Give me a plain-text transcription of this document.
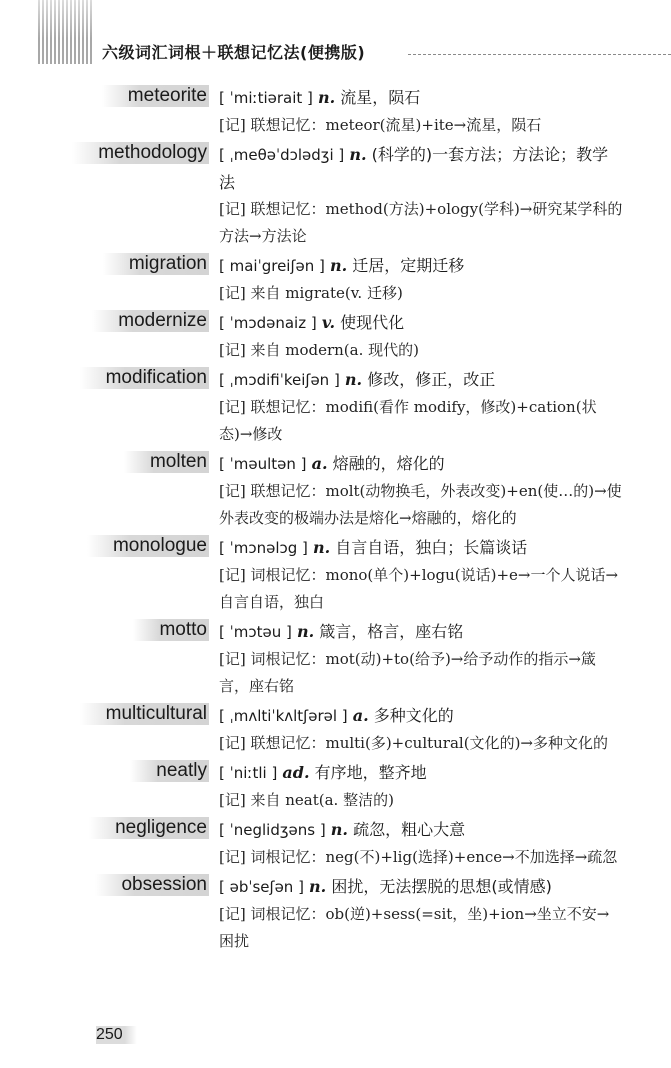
六级词汇词根＋联想记忆法(便携版)
meteorite [ ˈmiːtiərait ] n. 流星，陨石
[记] 联想记忆：meteor(流星)+ite→流星，陨石
methodology [ ˌmeθəˈdɔlədʒi ] n. (科学的)一套方法；方法论；教学法
[记] 联想记忆：method(方法)+ology(学科)→研究某学科的方法→方法论
migration [ maiˈgreiʃən ] n. 迁居，定期迁移
[记] 来自 migrate(v. 迁移)
modernize [ ˈmɔdənaiz ] v. 使现代化
[记] 来自 modern(a. 现代的)
modification [ ˌmɔdifiˈkeiʃən ] n. 修改，修正，改正
[记] 联想记忆：modifi(看作 modify，修改)+cation(状态)→修改
molten [ ˈməultən ] a. 熔融的，熔化的
[记] 联想记忆：molt(动物换毛，外表改变)+en(使…的)→使外表改变的极端办法是熔化→熔融的，熔化的
monologue [ ˈmɔnəlɔg ] n. 自言自语，独白；长篇谈话
[记] 词根记忆：mono(单个)+logu(说话)+e→一个人说话→自言自语，独白
motto [ ˈmɔtəu ] n. 箴言，格言，座右铭
[记] 词根记忆：mot(动)+to(给予)→给予动作的指示→箴言，座右铭
multicultural [ ˌmʌltiˈkʌltʃərəl ] a. 多种文化的
[记] 联想记忆：multi(多)+cultural(文化的)→多种文化的
neatly [ ˈniːtli ] ad. 有序地，整齐地
[记] 来自 neat(a. 整洁的)
negligence [ ˈneglidʒəns ] n. 疏忽，粗心大意
[记] 词根记忆：neg(不)+lig(选择)+ence→不加选择→疏忽
obsession [ əbˈseʃən ] n. 困扰，无法摆脱的思想(或情感)
[记] 词根记忆：ob(逆)+sess(=sit，坐)+ion→坐立不安→困扰
250
